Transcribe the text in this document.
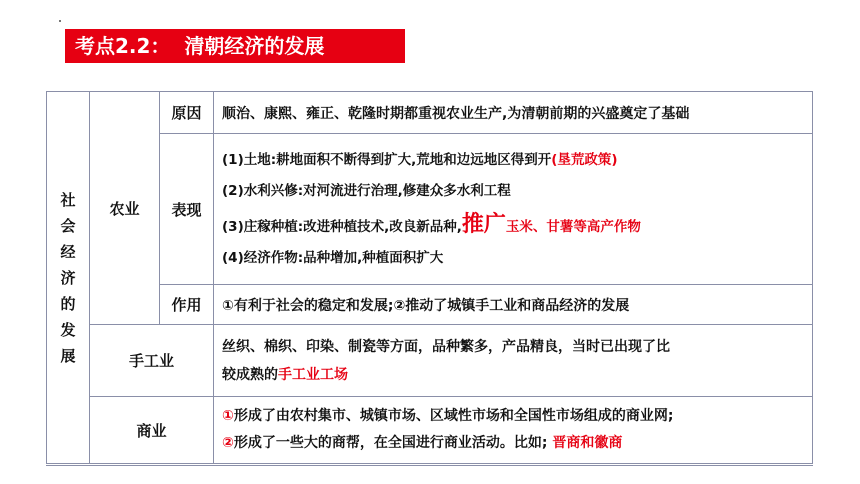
考点2.2： 清朝经济的发展
社
会
经
济
的
发
展
农业
原因	顺治、康熙、雍正、乾隆时期都重视农业生产,为清朝前期的兴盛奠定了基础
表现
(1)土地:耕地面积不断得到扩大,荒地和边远地区得到开(垦荒政策)
(2)水利兴修:对河流进行治理,修建众多水利工程
(3)庄稼种植:改进种植技术,改良新品种,推广玉米、甘薯等高产作物
(4)经济作物:品种增加,种植面积扩大
作用	①有利于社会的稳定和发展;②推动了城镇手工业和商品经济的发展
手工业
丝织、棉织、印染、制瓷等方面，品种繁多，产品精良，当时已出现了比
较成熟的手工业工场
商业
①形成了由农村集市、城镇市场、区域性市场和全国性市场组成的商业网;
②形成了一些大的商帮，在全国进行商业活动。比如; 晋商和徽商
